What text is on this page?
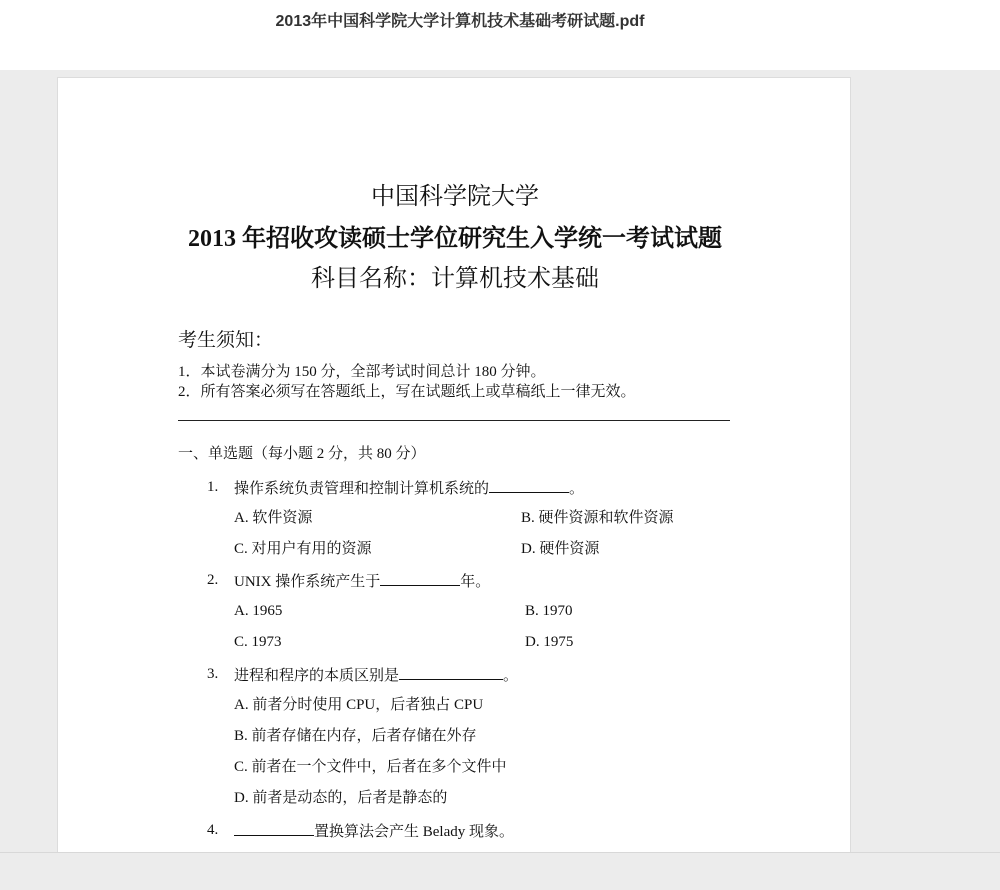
2013年中国科学院大学计算机技术基础考研试题.pdf
中国科学院大学
2013 年招收攻读硕士学位研究生入学统一考试试题
科目名称：计算机技术基础
考生须知：
1．本试卷满分为 150 分，全部考试时间总计 180 分钟。
2．所有答案必须写在答题纸上，写在试题纸上或草稿纸上一律无效。
一、单选题（每小题 2 分，共 80 分）
1. 操作系统负责管理和控制计算机系统的	。
A. 软件资源	B. 硬件资源和软件资源
C. 对用户有用的资源	D. 硬件资源
2. UNIX 操作系统产生于	年。
A. 1965	B. 1970
C. 1973	D. 1975
3. 进程和程序的本质区别是	。
A. 前者分时使用 CPU，后者独占 CPU
B. 前者存储在内存，后者存储在外存
C. 前者在一个文件中，后者在多个文件中
D. 前者是动态的，后者是静态的
4.	置换算法会产生 Belady 现象。
